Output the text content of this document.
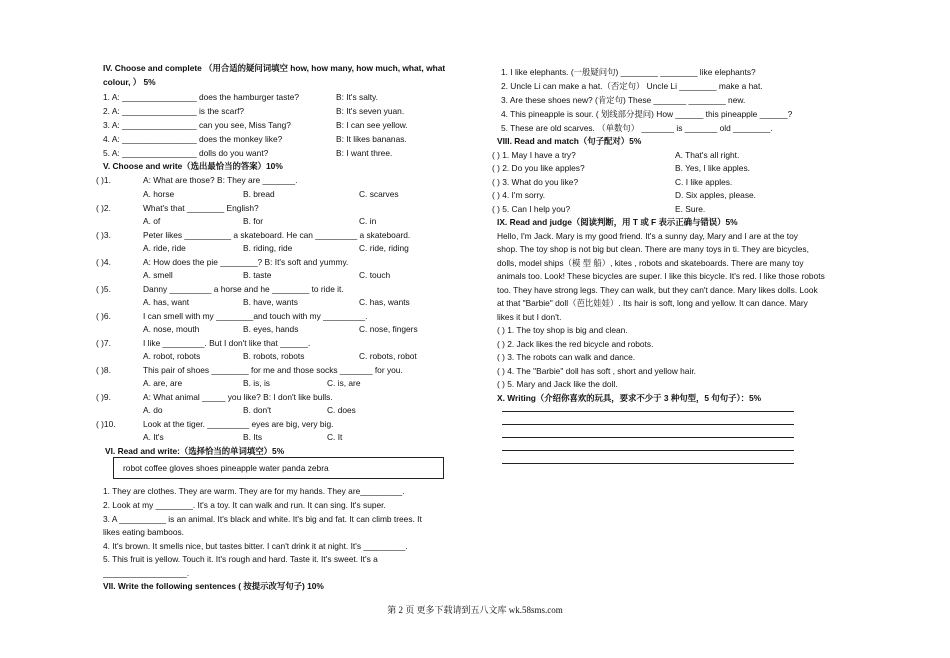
IV. Choose and complete （用合适的疑问词填空 how, how many, how much, what, what
colour, ） 5%
1. A: ________________ does the hamburger taste?	B: It's salty.
2. A: ________________ is the scarf?	B: It's seven yuan.
3. A: ________________ can you see, Miss Tang?	B: I can see yellow.
4. A: ________________ does the monkey like?	B: It likes bananas.
5. A: ________________ dolls do you want?	B: I want three.
V. Choose and write（选出最恰当的答案）10%
( )1.	A: What are those? B: They are _______.
A. horse	B. bread	C. scarves
( )2.	What's that ________ English?
A. of	B. for	C. in
( )3.	Peter likes __________ a skateboard. He can _________ a skateboard.
A. ride, ride	B. riding, ride	C. ride, riding
( )4.	A: How does the pie ________? B: It's soft and yummy.
A. smell	B. taste	C. touch
( )5.	Danny _________ a horse and he ________ to ride it.
A. has, want	B. have, wants	C. has, wants
( )6.	I can smell with my ________and touch with my _________.
A. nose, mouth	B. eyes, hands	C. nose, fingers
( )7.	I like _________. But I don't like that ______.
A. robot, robots	B. robots, robots	C. robots, robot
( )8.	This pair of shoes ________ for me and those socks _______ for you.
A. are, are	B. is, is	C. is, are
( )9.	A: What animal _____ you like? B: I don't like bulls.
A. do	B. don't	C. does
( )10.	Look at the tiger. _________ eyes are big, very big.
A. It's	B. Its	C. It
VI. Read and write:（选择恰当的单词填空）5%
robot coffee gloves shoes pineapple water panda zebra
1. They are clothes. They are warm. They are for my hands. They are_________.
2. Look at my ________. It's a toy. It can walk and run. It can sing. It's super.
3. A __________ is an animal. It's black and white. It's big and fat. It can climb trees. It
likes eating bamboos.
4. It's brown. It smells nice, but tastes bitter. I can't drink it at night. It's _________.
5. This fruit is yellow. Touch it. It's rough and hard. Taste it. It's sweet. It's a
__________________.
VII. Write the following sentences ( 按提示改写句子) 10%
1. I like elephants. (一般疑问句) ________ ________ like elephants?
2. Uncle Li can make a hat.（否定句） Uncle Li ________ make a hat.
3. Are these shoes new? (肯定句) These _______ ________ new.
4. This pineapple is sour. ( 划线部分提问) How ______ this pineapple ______?
5. These are old scarves. （单数句） _______ is _______ old ________.
VIII. Read and match（句子配对）5%
( ) 1. May I have a try?	A. That's all right.
( ) 2. Do you like apples?	B. Yes, I like apples.
( ) 3. What do you like?	C. I like apples.
( ) 4. I'm sorry.	D. Six apples, please.
( ) 5. Can I help you?	E. Sure.
IX. Read and judge（阅读判断，用 T 或 F 表示正确与错误）5%
Hello, I'm Jack. Mary is my good friend. It's a sunny day, Mary and I are at the toy
shop. The toy shop is not big but clean. There are many toys in ti. They are bicycles,
dolls, model ships（模 型 船）, kites , robots and skateboards. There are many toy
animals too. Look! These bicycles are super. I like this bicycle. It's red. I like those robots
too. They have strong legs. They can walk, but they can't dance. Mary likes dolls. Look
at that "Barbie" doll（芭比娃娃）. Its hair is soft, long and yellow. It can dance. Mary
likes it but I don't.
( ) 1. The toy shop is big and clean.
( ) 2. Jack likes the red bicycle and robots.
( ) 3. The robots can walk and dance.
( ) 4. The "Barbie" doll has soft , short and yellow hair.
( ) 5. Mary and Jack like the doll.
X. Writing（介绍你喜欢的玩具，要求不少于 3 种句型，5 句句子）：5%
第 2 页 更多下载请到五八文库 wk.58sms.com
